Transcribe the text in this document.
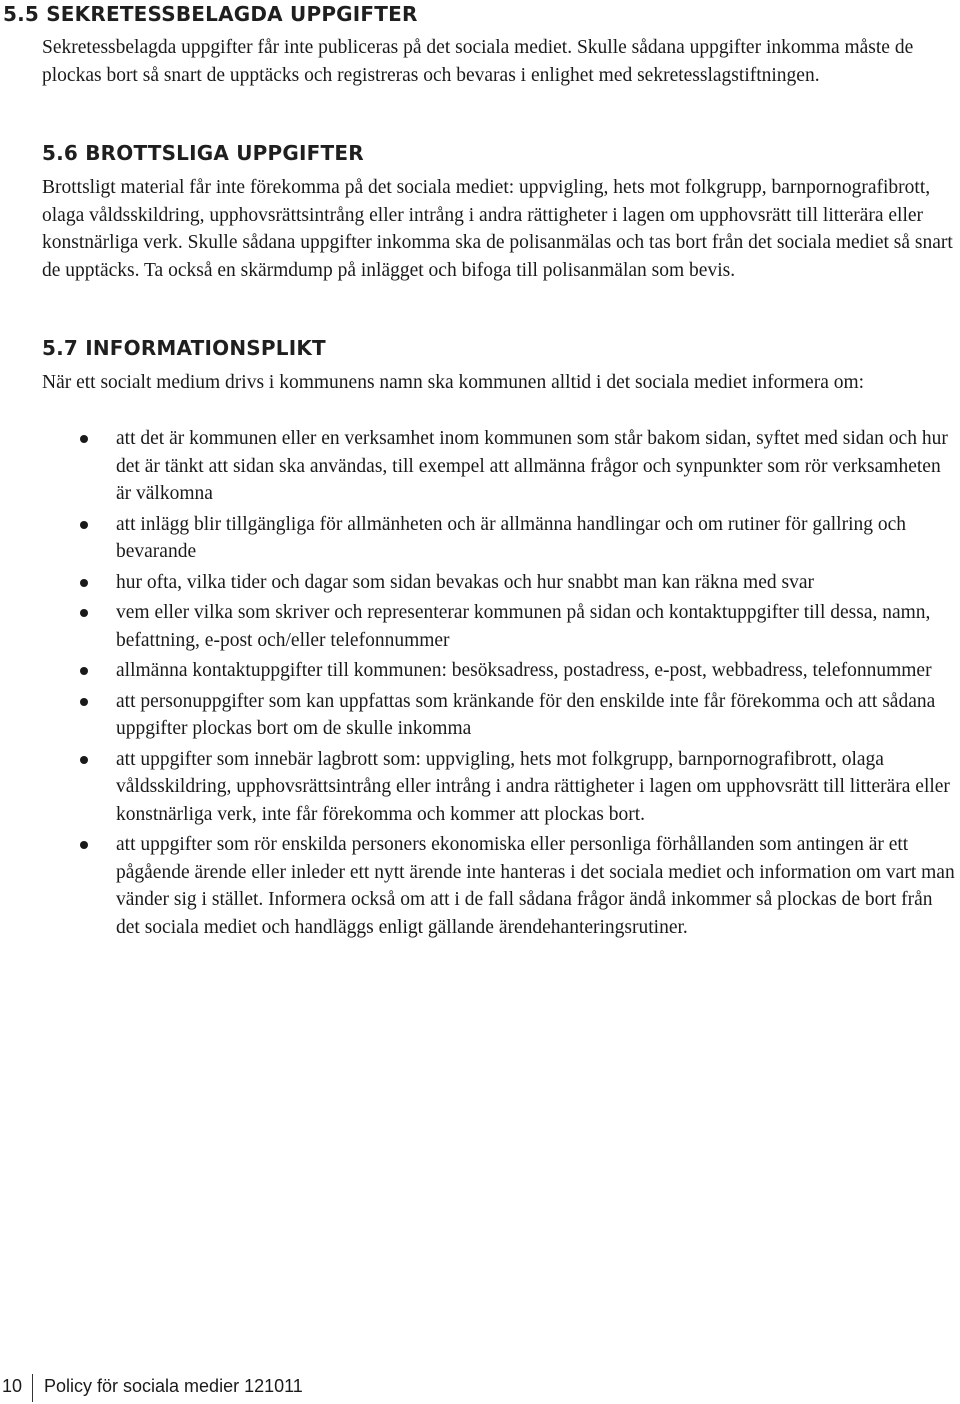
5.5 SEKRETESSBELAGDA UPPGIFTER

Sekretessbelagda uppgifter får inte publiceras på det sociala mediet. Skulle sådana uppgifter inkomma måste de plockas bort så snart de upptäcks och registreras och bevaras i enlighet med sekretesslagstiftningen.

5.6 BROTTSLIGA UPPGIFTER

Brottsligt material får inte förekomma på det sociala mediet: uppvigling, hets mot folkgrupp, barnpornografibrott, olaga våldsskildring, upphovsrättsintrång eller intrång i andra rättigheter i lagen om upphovsrätt till litterära eller konstnärliga verk. Skulle sådana uppgifter inkomma ska de polisanmälas och tas bort från det sociala mediet så snart de upptäcks. Ta också en skärmdump på inlägget och bifoga till polisanmälan som bevis.

5.7 INFORMATIONSPLIKT

När ett socialt medium drivs i kommunens namn ska kommunen alltid i det sociala mediet informera om:

att det är kommunen eller en verksamhet inom kommunen som står bakom sidan, syftet med sidan och hur det är tänkt att sidan ska användas, till exempel att allmänna frågor och synpunkter som rör verksamheten är välkomna
att inlägg blir tillgängliga för allmänheten och är allmänna handlingar och om rutiner för gallring och bevarande
hur ofta, vilka tider och dagar som sidan bevakas och hur snabbt man kan räkna med svar
vem eller vilka som skriver och representerar kommunen på sidan och kontaktuppgifter till dessa, namn, befattning, e-post och/eller telefonnummer
allmänna kontaktuppgifter till kommunen: besöksadress, postadress, e-post, webbadress, telefonnummer
att personuppgifter som kan uppfattas som kränkande för den enskilde inte får förekomma och att sådana uppgifter plockas bort om de skulle inkomma
att uppgifter som innebär lagbrott som: uppvigling, hets mot folkgrupp, barnpornografibrott, olaga våldsskildring, upphovsrättsintrång eller intrång i andra rättigheter i lagen om upphovsrätt till litterära eller konstnärliga verk, inte får förekomma och kommer att plockas bort.
att uppgifter som rör enskilda personers ekonomiska eller personliga förhållanden som antingen är ett pågående ärende eller inleder ett nytt ärende inte hanteras i det sociala mediet och information om vart man vänder sig i stället. Informera också om att i de fall sådana frågor ändå inkommer så plockas de bort från det sociala mediet och handläggs enligt gällande ärendehanteringsrutiner.
10 Policy för sociala medier 121011
